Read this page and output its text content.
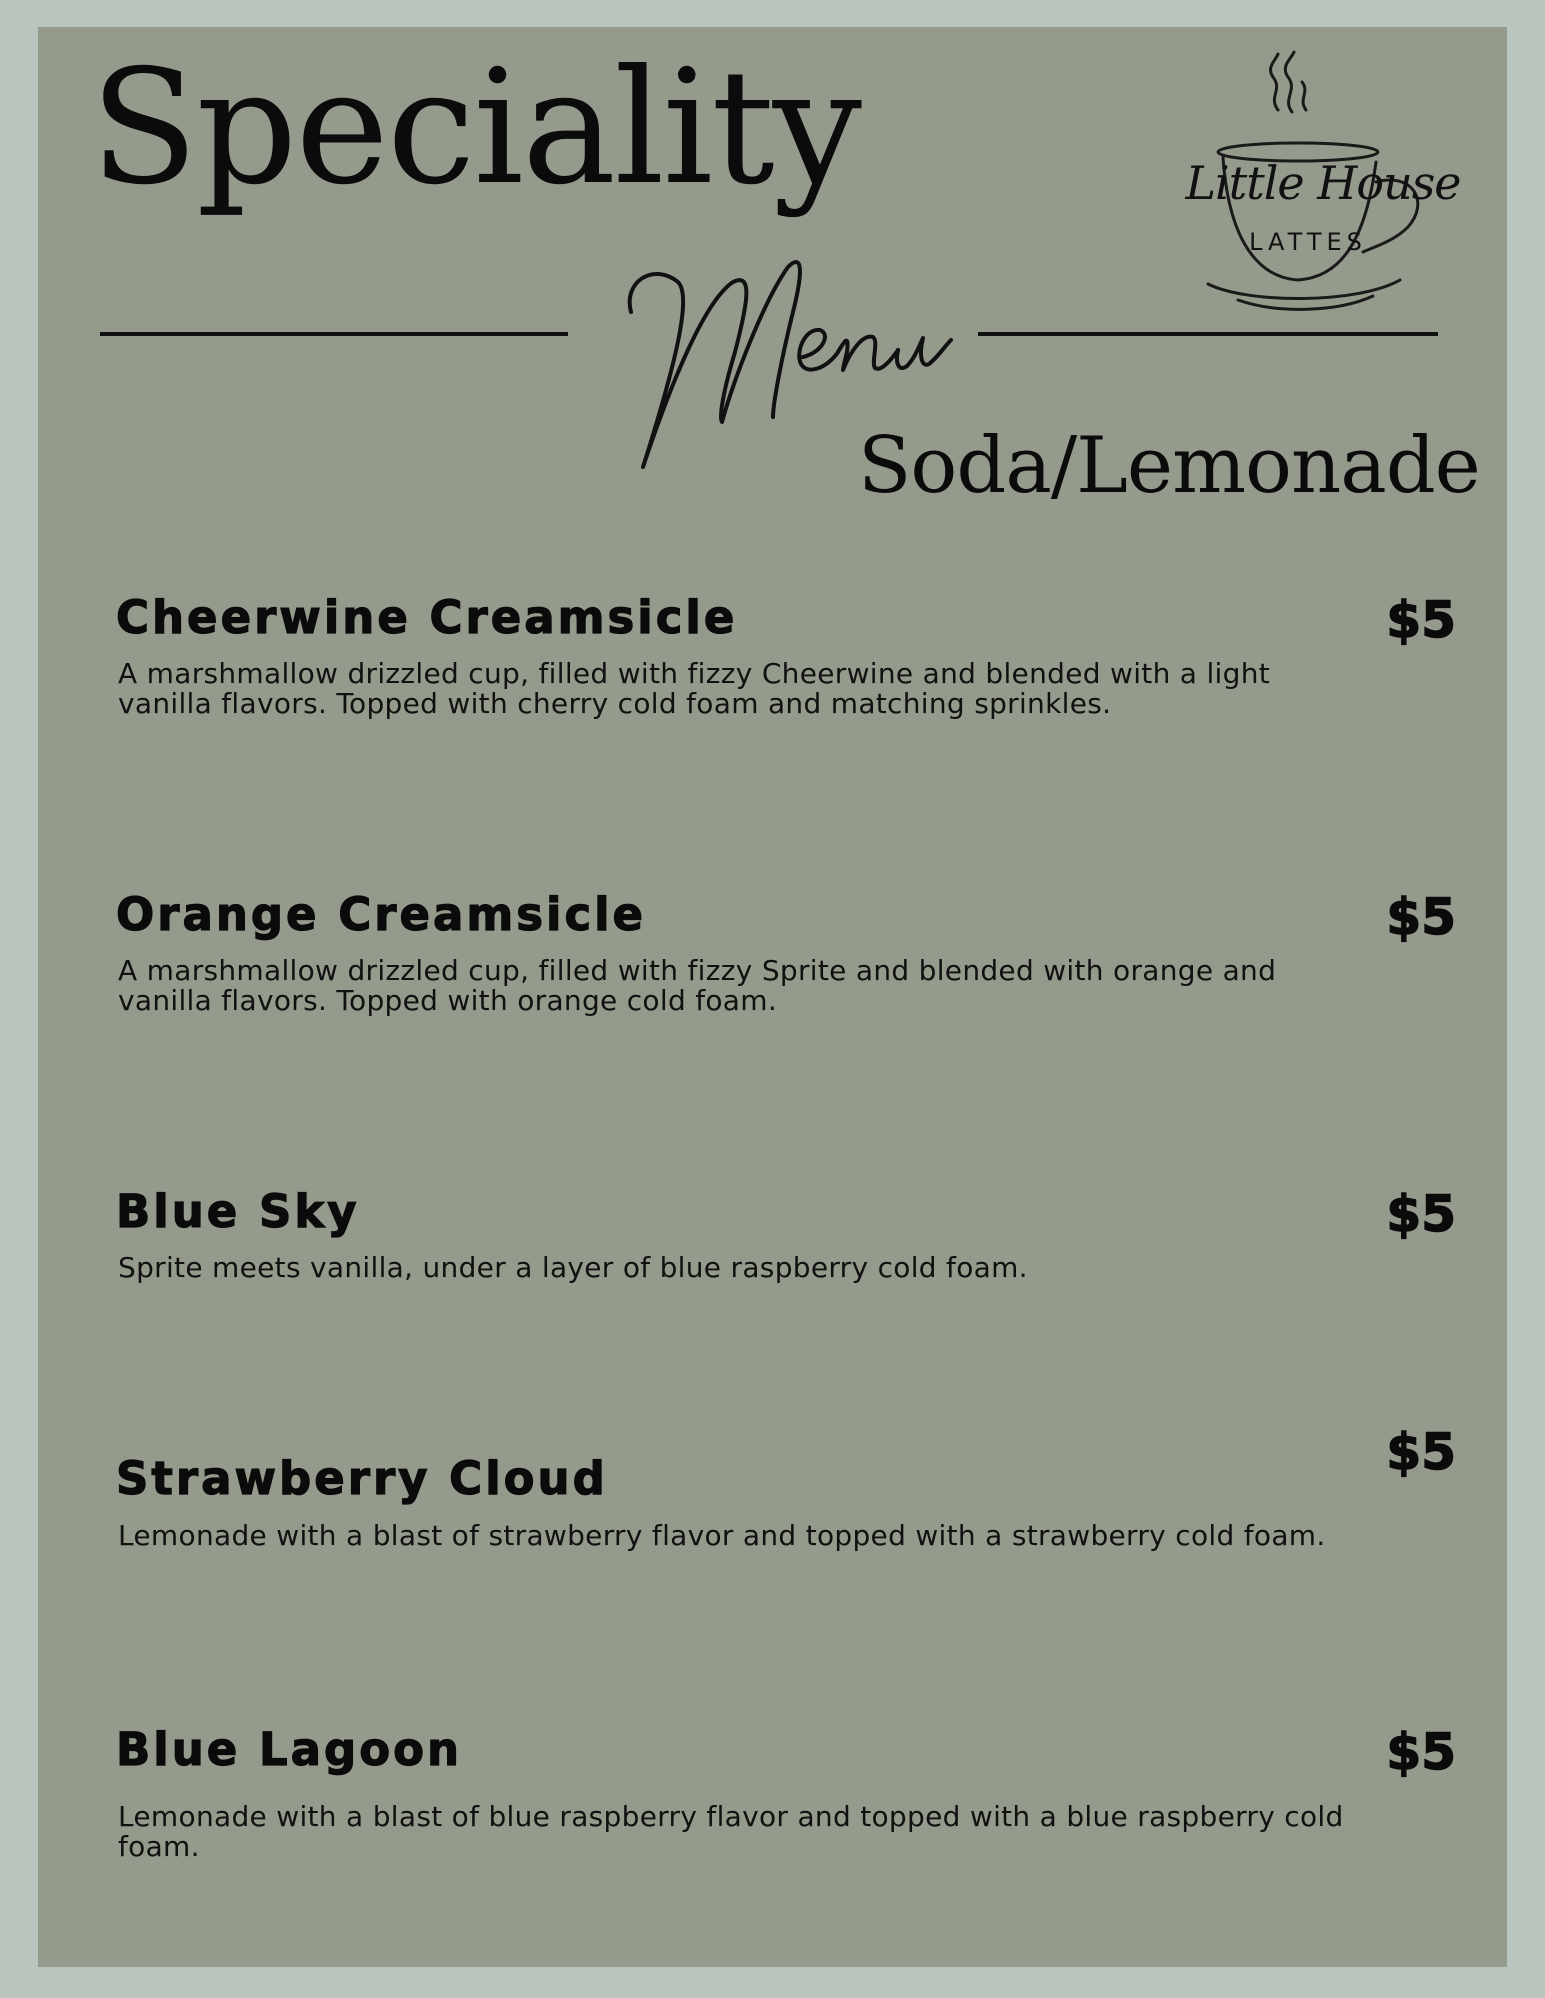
Speciality
Soda/Lemonade
Little House
LATTES
Cheerwine Creamsicle	$5
A marshmallow drizzled cup, filled with fizzy Cheerwine and blended with a light vanilla flavors. Topped with cherry cold foam and matching sprinkles.
Orange Creamsicle	$5
A marshmallow drizzled cup, filled with fizzy Sprite and blended with orange and vanilla flavors. Topped with orange cold foam.
Blue Sky	$5
Sprite meets vanilla, under a layer of blue raspberry cold foam.
Strawberry Cloud	$5
Lemonade with a blast of strawberry flavor and topped with a strawberry cold foam.
Blue Lagoon	$5
Lemonade with a blast of blue raspberry flavor and topped with a blue raspberry cold foam.
